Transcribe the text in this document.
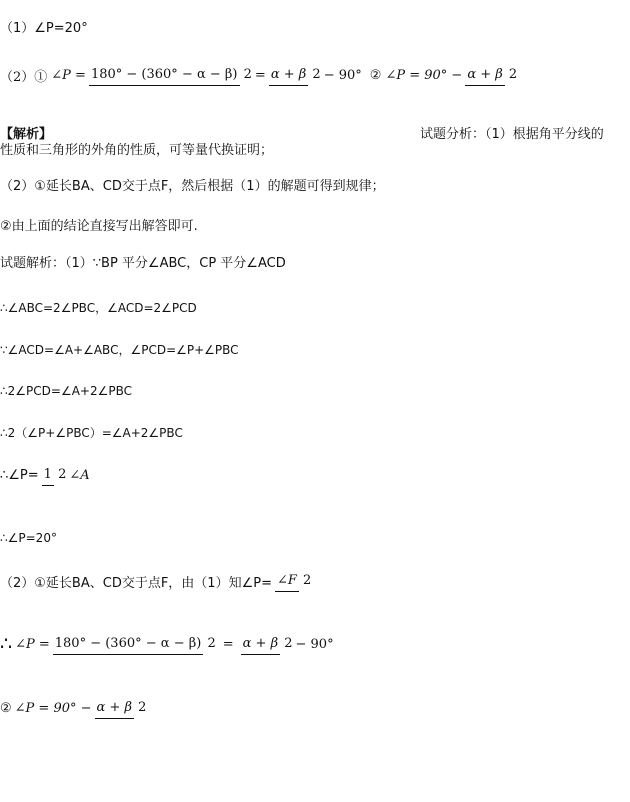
（1）∠P=20°
（2）① ∠P = 180° − (360° − α − β) 2 = α + β 2 − 90° ② ∠P = 90° − α + β 2
【解析】	试题分析：（1）根据角平分线的
性质和三角形的外角的性质，可等量代换证明；
（2）①延长BA、CD交于点F，然后根据（1）的解题可得到规律；
②由上面的结论直接写出解答即可.
试题解析：（1）∵BP 平分∠ABC，CP 平分∠ACD
∴∠ABC=2∠PBC，∠ACD=2∠PCD
∵∠ACD=∠A+∠ABC，∠PCD=∠P+∠PBC
∴2∠PCD=∠A+2∠PBC
∴2（∠P+∠PBC）=∠A+2∠PBC
∴∠P= 1 2 ∠A
∴∠P=20°
（2）①延长BA、CD交于点F，由（1）知∠P= ∠F 2
∴ ∠P = 180° − (360° − α − β) 2 = α + β 2 − 90°
② ∠P = 90° − α + β 2
